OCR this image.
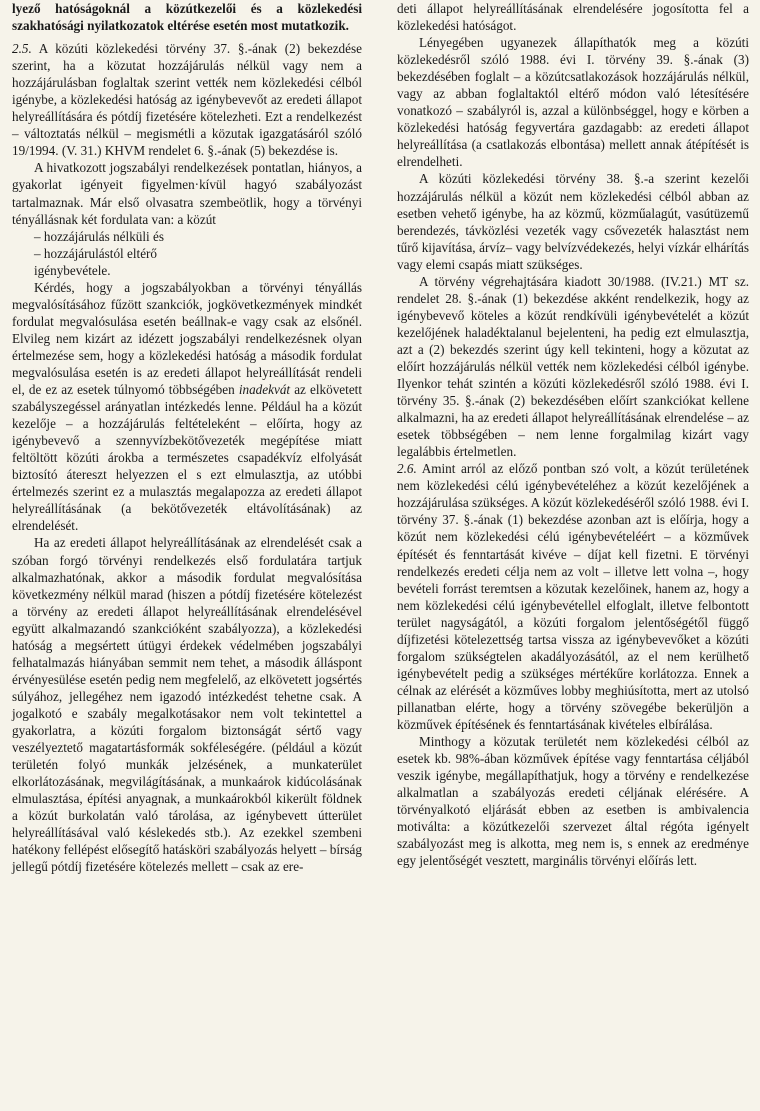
lyező hatóságoknál a közútkezelői és a közlekedési szakhatósági nyilatkozatok eltérése esetén most mutatkozik.

2.5. A közúti közlekedési törvény 37. §.-ának (2) bekezdése szerint, ha a közutat hozzájárulás nélkül vagy nem a hozzájárulásban foglaltak szerint vették nem közlekedési célból igénybe, a közlekedési hatóság az igénybevevőt az eredeti állapot helyreállítására és pótdíj fizetésére kötelezheti. Ezt a rendelkezést – változtatás nélkül – megismétli a közutak igazgatásáról szóló 19/1994. (V. 31.) KHVM rendelet 6. §.-ának (5) bekezdése is.

A hivatkozott jogszabályi rendelkezések pontatlan, hiányos, a gyakorlat igényeit figyelmen·kívül hagyó szabályozást tartalmaznak. Már első olvasatra szembeötlik, hogy a törvényi tényállásnak két fordulata van: a közút

– hozzájárulás nélküli és

– hozzájárulástól eltérő

igénybevétele.

Kérdés, hogy a jogszabályokban a törvényi tényállás megvalósításához fűzött szankciók, jogkövetkezmények mindkét fordulat megvalósulása esetén beállnak-e vagy csak az elsőnél. Elvileg nem kizárt az idézett jogszabályi rendelkezésnek olyan értelmezése sem, hogy a közlekedési hatóság a második fordulat megvalósulása esetén is az eredeti állapot helyreállítását rendeli el, de ez az esetek túlnyomó többségében inadekvát az elkövetett szabályszegéssel arányatlan intézkedés lenne. Például ha a közút kezelője – a hozzájárulás feltételeként – előírta, hogy az igénybevevő a szennyvízbekötővezeték megépítése miatt feltöltött közúti árokba a természetes csapadékvíz elfolyását biztosító átereszt helyezzen el s ezt elmulasztja, az utóbbi értelmezés szerint ez a mulasztás megalapozza az eredeti állapot helyreállításának (a bekötővezeték eltávolításának) az elrendelését.

Ha az eredeti állapot helyreállításának az elrendelését csak a szóban forgó törvényi rendelkezés első fordulatára tartjuk alkalmazhatónak, akkor a második fordulat megvalósítása következmény nélkül marad (hiszen a pótdíj fizetésére kötelezést a törvény az eredeti állapot helyreállításának elrendelésével együtt alkalmazandó szankcióként szabályozza), a közlekedési hatóság a megsértett útügyi érdekek védelmében jogszabályi felhatalmazás hiányában semmit nem tehet, a második álláspont érvényesülése esetén pedig nem megfelelő, az elkövetett jogsértés súlyához, jellegéhez nem igazodó intézkedést tehetne csak. A jogalkotó e szabály megalkotásakor nem volt tekintettel a gyakorlatra, a közúti forgalom biztonságát sértő vagy veszélyeztető magatartásformák sokféleségére. (például a közút területén folyó munkák jelzésének, a munkaterület elkorlátozásának, megvilágításának, a munkaárok kidúcolásának elmulasztása, építési anyagnak, a munkaárokból kikerült földnek a közút burkolatán való tárolása, az igénybevett útterület helyreállításával való késlekedés stb.). Az ezekkel szembeni hatékony fellépést elősegítő hatásköri szabályozás helyett – bírság jellegű pótdíj fizetésére kötelezés mellett – csak az ere-

deti állapot helyreállításának elrendelésére jogosította fel a közlekedési hatóságot.

Lényegében ugyanezek állapíthatók meg a közúti közlekedésről szóló 1988. évi I. törvény 39. §.-ának (3) bekezdésében foglalt – a közútcsatlakozások hozzájárulás nélkül, vagy az abban foglaltaktól eltérő módon való létesítésére vonatkozó – szabályról is, azzal a különbséggel, hogy e körben a közlekedési hatóság fegyvertára gazdagabb: az eredeti állapot helyreállítása (a csatlakozás elbontása) mellett annak átépítését is elrendelheti.

A közúti közlekedési törvény 38. §.-a szerint kezelői hozzájárulás nélkül a közút nem közlekedési célból abban az esetben vehető igénybe, ha az közmű, közműalagút, vasútüzemű berendezés, távközlési vezeték vagy csővezeték halasztást nem tűrő kijavítása, árvíz– vagy belvízvédekezés, helyi vízkár elhárítás vagy elemi csapás miatt szükséges.

A törvény végrehajtására kiadott 30/1988. (IV.21.) MT sz. rendelet 28. §.-ának (1) bekezdése akként rendelkezik, hogy az igénybevevő köteles a közút rendkívüli igénybevételét a közút kezelőjének haladéktalanul bejelenteni, ha pedig ezt elmulasztja, azt a (2) bekezdés szerint úgy kell tekinteni, hogy a közutat az előírt hozzájárulás nélkül vették nem közlekedési célból igénybe. Ilyenkor tehát szintén a közúti közlekedésről szóló 1988. évi I. törvény 35. §.-ának (2) bekezdésében előírt szankciókat kellene alkalmazni, ha az eredeti állapot helyreállításának elrendelése – az esetek többségében – nem lenne forgalmilag kizárt vagy legalábbis értelmetlen.

2.6. Amint arról az előző pontban szó volt, a közút területének nem közlekedési célú igénybevételéhez a közút kezelőjének a hozzájárulása szükséges. A közút közlekedéséről szóló 1988. évi I. törvény 37. §.-ának (1) bekezdése azonban azt is előírja, hogy a közút nem közlekedési célú igénybevételéért – a közművek építését és fenntartását kivéve – díjat kell fizetni. E törvényi rendelkezés eredeti célja nem az volt – illetve lett volna –, hogy bevételi forrást teremtsen a közutak kezelőinek, hanem az, hogy a nem közlekedési célú igénybevétellel elfoglalt, illetve felbontott terület nagyságától, a közúti forgalom jelentőségétől függő díjfizetési kötelezettség tartsa vissza az igénybevevőket a közúti forgalom szükségtelen akadályozásától, az el nem kerülhető igénybevételt pedig a szükséges mértékűre korlátozza. Ennek a célnak az elérését a közműves lobby meghiúsította, mert az utolsó pillanatban elérte, hogy a törvény szövegébe bekerüljön a közművek építésének és fenntartásának kivételes elbírálása.

Minthogy a közutak területét nem közlekedési célból az esetek kb. 98%-ában közművek építése vagy fenntartása céljából veszik igénybe, megállapíthatjuk, hogy a törvény e rendelkezése alkalmatlan a szabályozás eredeti céljának elérésére. A törvényalkotó eljárását ebben az esetben is ambivalencia motiválta: a közútkezelői szervezet által régóta igényelt szabályozást meg is alkotta, meg nem is, s ennek az eredménye egy jelentőségét vesztett, marginális törvényi előírás lett.
